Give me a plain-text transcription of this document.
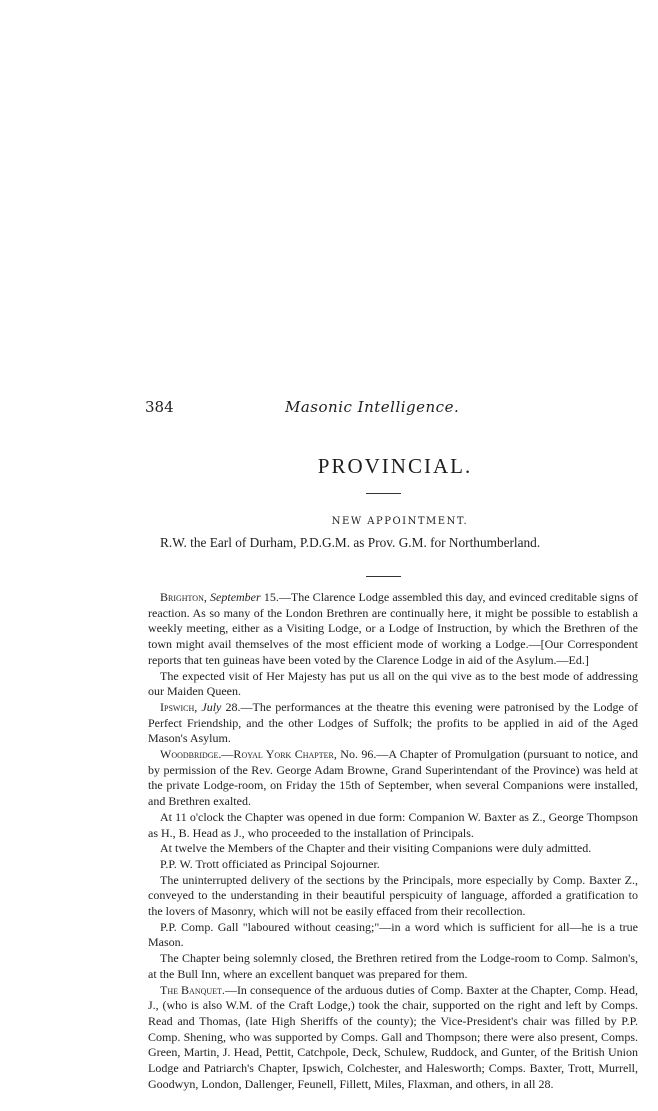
384	Masonic Intelligence.
PROVINCIAL.
NEW APPOINTMENT.

R.W. the Earl of Durham, P.D.G.M. as Prov. G.M. for Northumberland.

Brighton, September 15.—The Clarence Lodge assembled this day, and evinced creditable signs of reaction. As so many of the London Brethren are continually here, it might be possible to establish a weekly meeting, either as a Visiting Lodge, or a Lodge of Instruction, by which the Brethren of the town might avail themselves of the most efficient mode of working a Lodge.—[Our Correspondent reports that ten guineas have been voted by the Clarence Lodge in aid of the Asylum.—Ed.]

The expected visit of Her Majesty has put us all on the qui vive as to the best mode of addressing our Maiden Queen.

Ipswich, July 28.—The performances at the theatre this evening were patronised by the Lodge of Perfect Friendship, and the other Lodges of Suffolk; the profits to be applied in aid of the Aged Mason's Asylum.

Woodbridge.—Royal York Chapter, No. 96.—A Chapter of Promulgation (pursuant to notice, and by permission of the Rev. George Adam Browne, Grand Superintendant of the Province) was held at the private Lodge-room, on Friday the 15th of September, when several Companions were installed, and Brethren exalted.

At 11 o'clock the Chapter was opened in due form: Companion W. Baxter as Z., George Thompson as H., B. Head as J., who proceeded to the installation of Principals.

At twelve the Members of the Chapter and their visiting Companions were duly admitted.

P.P. W. Trott officiated as Principal Sojourner.

The uninterrupted delivery of the sections by the Principals, more especially by Comp. Baxter Z., conveyed to the understanding in their beautiful perspicuity of language, afforded a gratification to the lovers of Masonry, which will not be easily effaced from their recollection.

P.P. Comp. Gall "laboured without ceasing;"—in a word which is sufficient for all—he is a true Mason.

The Chapter being solemnly closed, the Brethren retired from the Lodge-room to Comp. Salmon's, at the Bull Inn, where an excellent banquet was prepared for them.

The Banquet.—In consequence of the arduous duties of Comp. Baxter at the Chapter, Comp. Head, J., (who is also W.M. of the Craft Lodge,) took the chair, supported on the right and left by Comps. Read and Thomas, (late High Sheriffs of the county); the Vice-President's chair was filled by P.P. Comp. Shening, who was supported by Comps. Gall and Thompson; there were also present, Comps. Green, Martin, J. Head, Pettit, Catchpole, Deck, Schulew, Ruddock, and Gunter, of the British Union Lodge and Patriarch's Chapter, Ipswich, Colchester, and Halesworth; Comps. Baxter, Trott, Murrell, Goodwyn, London, Dallenger, Feunell, Fillett, Miles, Flaxman, and others, in all 28.
